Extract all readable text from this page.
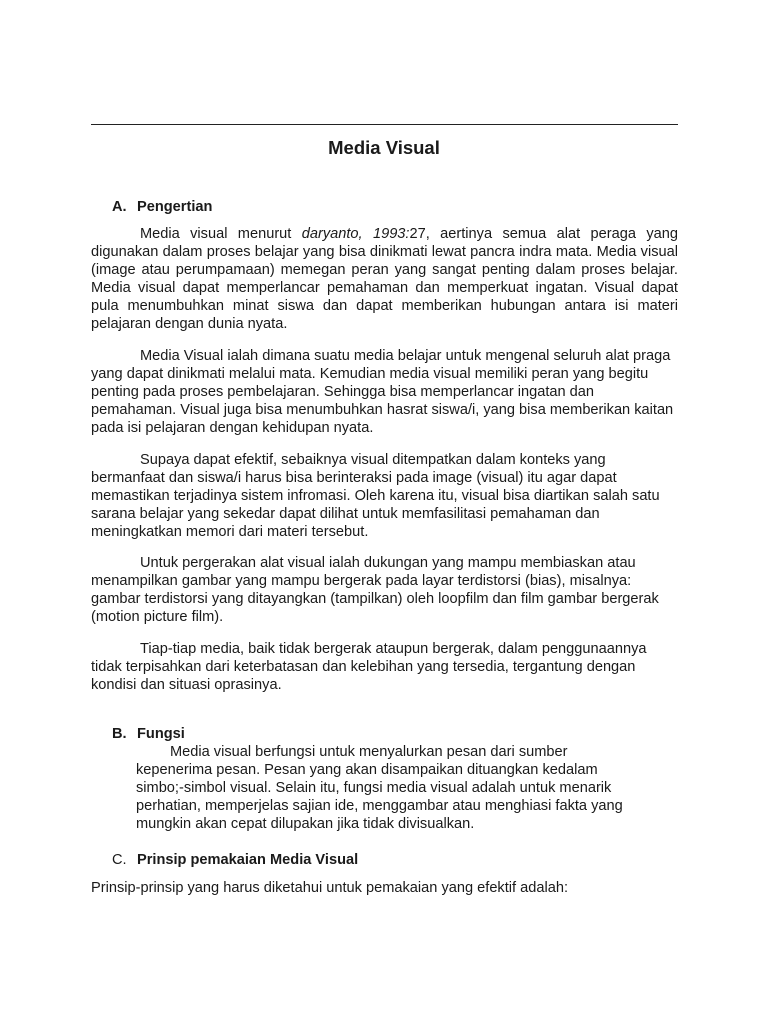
Media Visual
A. Pengertian

Media visual menurut daryanto, 1993:27, aertinya semua alat peraga yang digunakan dalam proses belajar yang bisa dinikmati lewat pancra indra mata. Media visual (image atau perumpamaan) memegan peran yang sangat penting dalam proses belajar. Media visual dapat memperlancar pemahaman dan memperkuat ingatan. Visual dapat pula menumbuhkan minat siswa dan dapat memberikan hubungan antara isi materi pelajaran dengan dunia nyata.

Media Visual ialah dimana suatu media belajar untuk mengenal seluruh alat praga yang dapat dinikmati melalui mata. Kemudian media visual memiliki peran yang begitu penting pada proses pembelajaran. Sehingga bisa memperlancar ingatan dan pemahaman. Visual juga bisa menumbuhkan hasrat siswa/i, yang bisa memberikan kaitan pada isi pelajaran dengan kehidupan nyata.

Supaya dapat efektif, sebaiknya visual ditempatkan dalam konteks yang bermanfaat dan siswa/i harus bisa berinteraksi pada image (visual) itu agar dapat memastikan terjadinya sistem infromasi. Oleh karena itu, visual bisa diartikan salah satu sarana belajar yang sekedar dapat dilihat untuk memfasilitasi pemahaman dan meningkatkan memori dari materi tersebut.

Untuk pergerakan alat visual ialah dukungan yang mampu membiaskan atau menampilkan gambar yang mampu bergerak pada layar terdistorsi (bias), misalnya: gambar terdistorsi yang ditayangkan (tampilkan) oleh loopfilm dan film gambar bergerak (motion picture film).

Tiap-tiap media, baik tidak bergerak ataupun bergerak, dalam penggunaannya tidak terpisahkan dari keterbatasan dan kelebihan yang tersedia, tergantung dengan kondisi dan situasi oprasinya.

B. Fungsi

Media visual berfungsi untuk menyalurkan pesan dari sumber kepenerima pesan. Pesan yang akan disampaikan dituangkan kedalam simbo;-simbol visual. Selain itu, fungsi media visual adalah untuk menarik perhatian, memperjelas sajian ide, menggambar atau menghiasi fakta yang mungkin akan cepat dilupakan jika tidak divisualkan.

C. Prinsip pemakaian Media Visual

Prinsip-prinsip yang harus diketahui untuk pemakaian yang efektif adalah:
